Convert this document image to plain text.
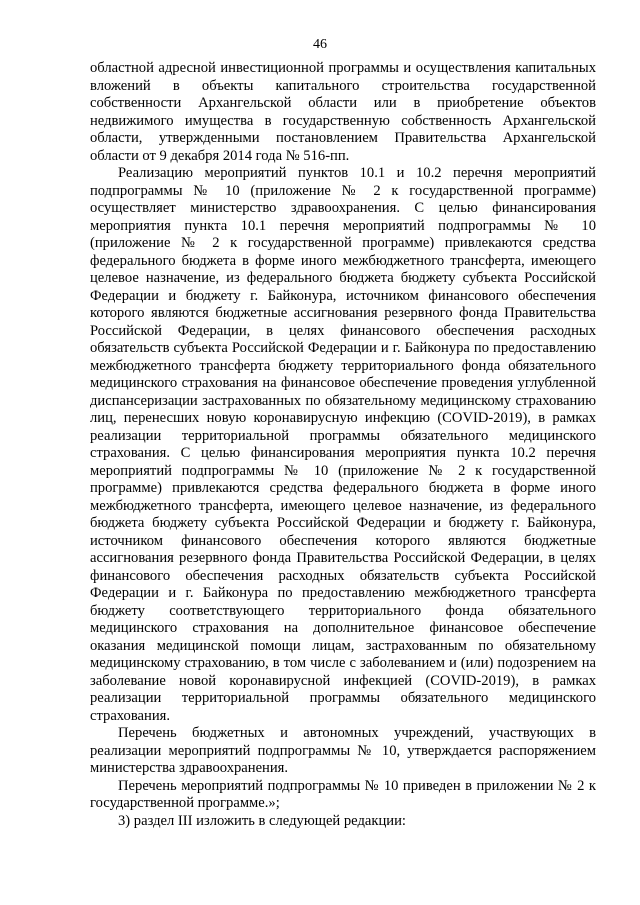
46

областной адресной инвестиционной программы и осуществления капитальных вложений в объекты капитального строительства государственной собственности Архангельской области или в приобретение объектов недвижимого имущества в государственную собственность Архангельской области, утвержденными постановлением Правительства Архангельской области от 9 декабря 2014 года № 516-пп.

Реализацию мероприятий пунктов 10.1 и 10.2 перечня мероприятий подпрограммы № 10 (приложение № 2 к государственной программе) осуществляет министерство здравоохранения. С целью финансирования мероприятия пункта 10.1 перечня мероприятий подпрограммы № 10 (приложение № 2 к государственной программе) привлекаются средства федерального бюджета в форме иного межбюджетного трансферта, имеющего целевое назначение, из федерального бюджета бюджету субъекта Российской Федерации и бюджету г. Байконура, источником финансового обеспечения которого являются бюджетные ассигнования резервного фонда Правительства Российской Федерации, в целях финансового обеспечения расходных обязательств субъекта Российской Федерации и г. Байконура по предоставлению межбюджетного трансферта бюджету территориального фонда обязательного медицинского страхования на финансовое обеспечение проведения углубленной диспансеризации застрахованных по обязательному медицинскому страхованию лиц, перенесших новую коронавирусную инфекцию (COVID-2019), в рамках реализации территориальной программы обязательного медицинского страхования. С целью финансирования мероприятия пункта 10.2 перечня мероприятий подпрограммы № 10 (приложение № 2 к государственной программе) привлекаются средства федерального бюджета в форме иного межбюджетного трансферта, имеющего целевое назначение, из федерального бюджета бюджету субъекта Российской Федерации и бюджету г. Байконура, источником финансового обеспечения которого являются бюджетные ассигнования резервного фонда Правительства Российской Федерации, в целях финансового обеспечения расходных обязательств субъекта Российской Федерации и г. Байконура по предоставлению межбюджетного трансферта бюджету соответствующего территориального фонда обязательного медицинского страхования на дополнительное финансовое обеспечение оказания медицинской помощи лицам, застрахованным по обязательному медицинскому страхованию, в том числе с заболеванием и (или) подозрением на заболевание новой коронавирусной инфекцией (COVID-2019), в рамках реализации территориальной программы обязательного медицинского страхования.

Перечень бюджетных и автономных учреждений, участвующих в реализации мероприятий подпрограммы № 10, утверждается распоряжением министерства здравоохранения.

Перечень мероприятий подпрограммы № 10 приведен в приложении № 2 к государственной программе.»;

3) раздел III изложить в следующей редакции:
